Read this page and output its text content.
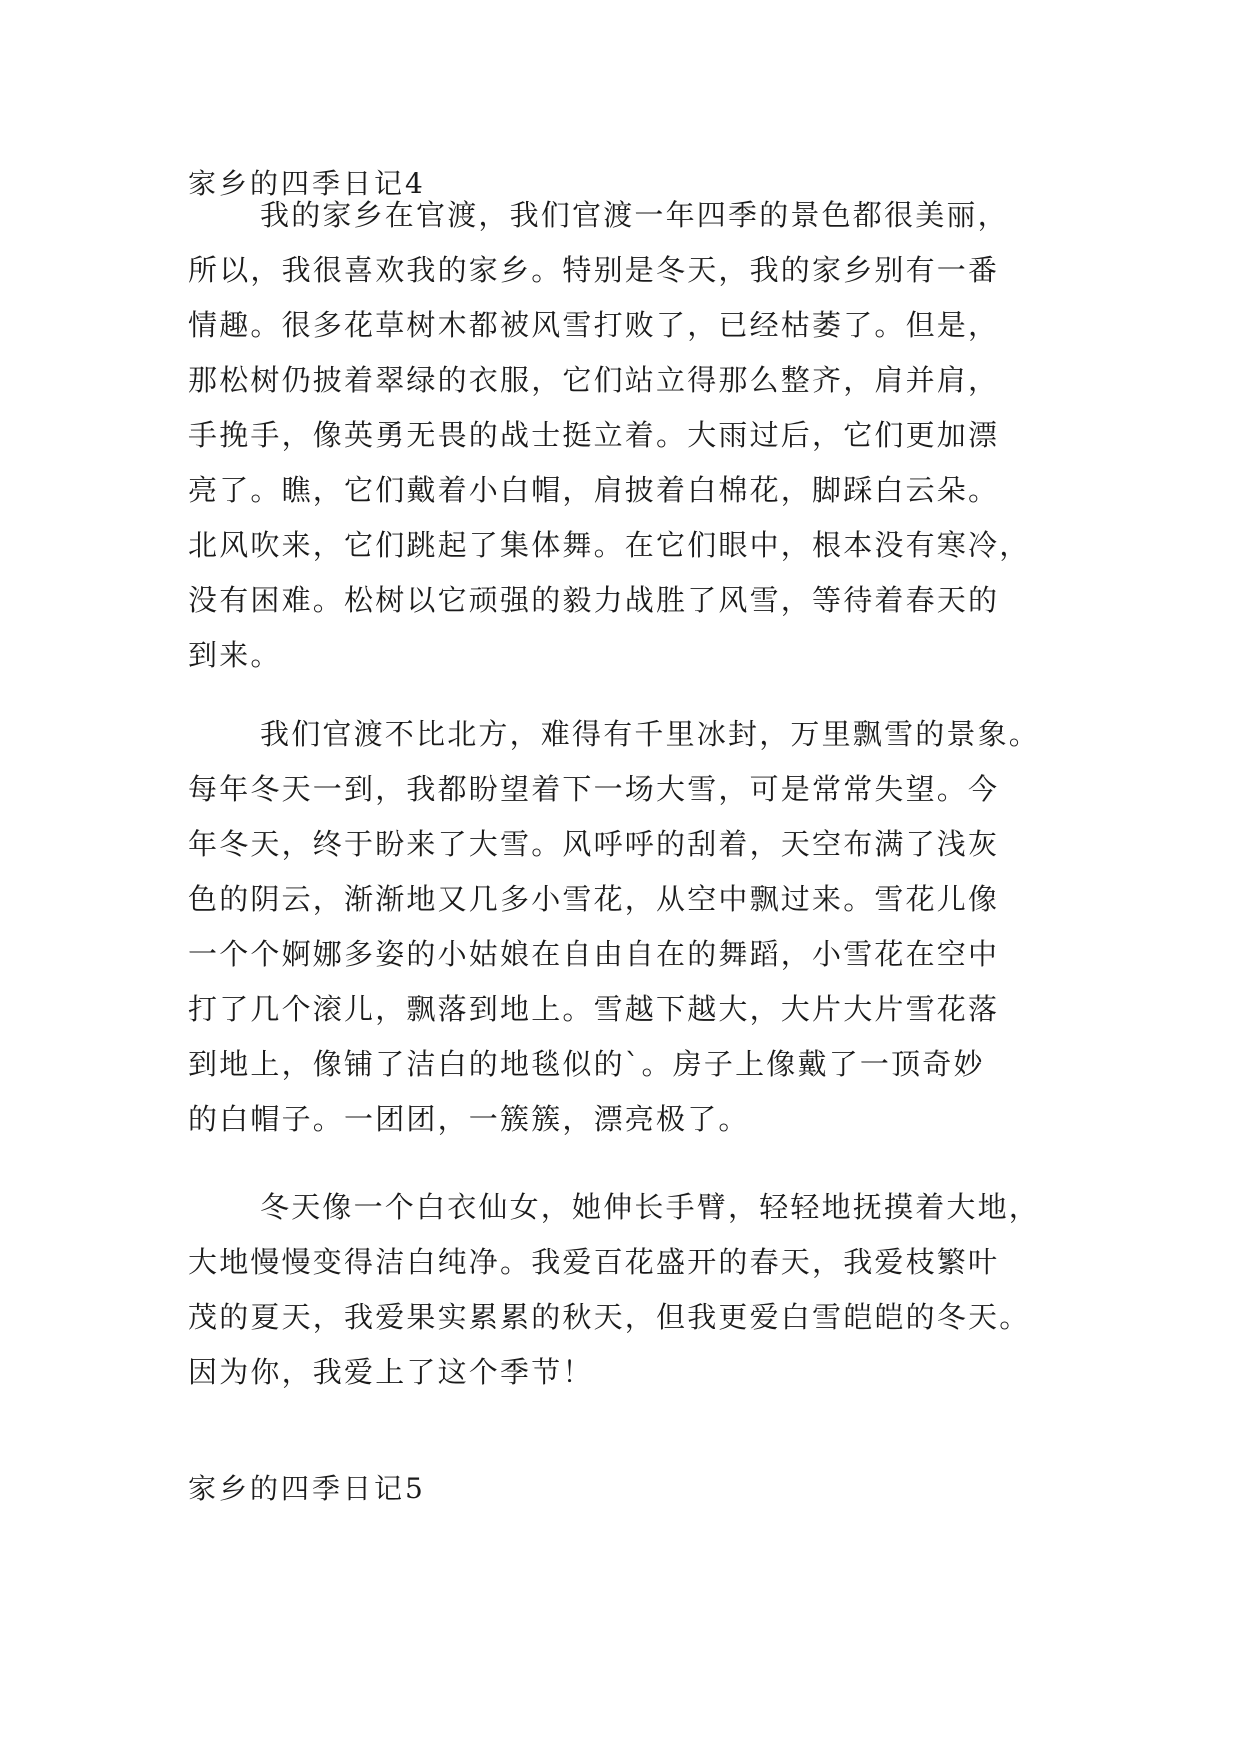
家乡的四季日记4
我的家乡在官渡，我们官渡一年四季的景色都很美丽，
所以，我很喜欢我的家乡。特别是冬天，我的家乡别有一番
情趣。很多花草树木都被风雪打败了，已经枯萎了。但是，
那松树仍披着翠绿的衣服，它们站立得那么整齐，肩并肩，
手挽手，像英勇无畏的战士挺立着。大雨过后，它们更加漂
亮了。瞧，它们戴着小白帽，肩披着白棉花，脚踩白云朵。
北风吹来，它们跳起了集体舞。在它们眼中，根本没有寒冷，
没有困难。松树以它顽强的毅力战胜了风雪，等待着春天的
到来。
我们官渡不比北方，难得有千里冰封，万里飘雪的景象。
每年冬天一到，我都盼望着下一场大雪，可是常常失望。今
年冬天，终于盼来了大雪。风呼呼的刮着，天空布满了浅灰
色的阴云，渐渐地又几多小雪花，从空中飘过来。雪花儿像
一个个婀娜多姿的小姑娘在自由自在的舞蹈，小雪花在空中
打了几个滚儿，飘落到地上。雪越下越大，大片大片雪花落
到地上，像铺了洁白的地毯似的`。房子上像戴了一顶奇妙
的白帽子。一团团，一簇簇，漂亮极了。
冬天像一个白衣仙女，她伸长手臂，轻轻地抚摸着大地，
大地慢慢变得洁白纯净。我爱百花盛开的春天，我爱枝繁叶
茂的夏天，我爱果实累累的秋天，但我更爱白雪皑皑的冬天。
因为你，我爱上了这个季节！
家乡的四季日记5
